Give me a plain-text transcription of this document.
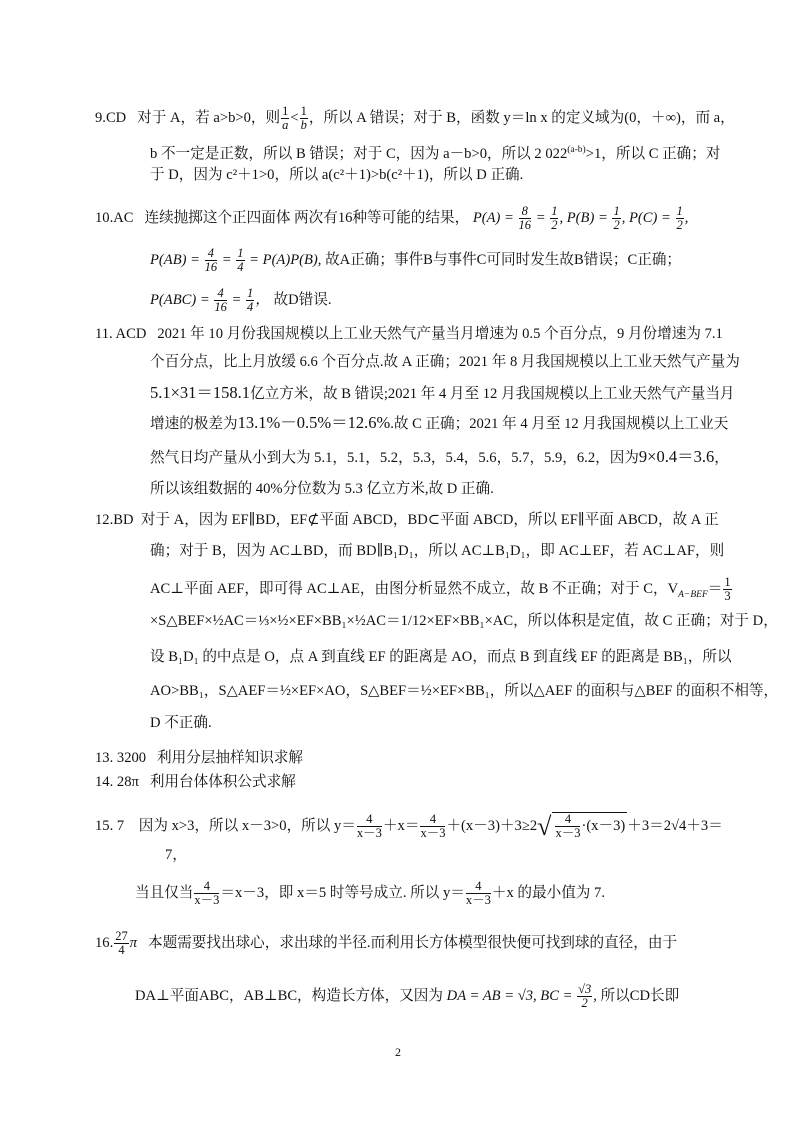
9.CD 对于 A，若 a>b>0，则 $\frac{1}{a} < \frac{1}{b}$ ，所以 A 错误；对于 B，函数 y＝ln x 的定义域为(0，＋∞)，而 a，
b 不一定是正数，所以 B 错误；对于 C，因为 a－b>0，所以 2 $022^{(a-b)}>1$，所以 C 正确；对
于 D，因为 c²＋1>0，所以 a(c²＋1)>b(c²＋1)，所以 D 正确.
10.AC 连续抛掷这个正四面体 两次有16种等可能的结果， $P(A) = \frac{8}{16} = \frac{1}{2}$ , $P(B) = \frac{1}{2}$ , $P(C) = \frac{1}{2}$ ,
$P(AB) = \frac{4}{16} = \frac{1}{4} = P(A)P(B)$, 故A正确；事件B与事件C可同时发生故B错误；C正确；
$P(ABC) = \frac{4}{16} = \frac{1}{4}$ ， 故D错误.
11. ACD 2021 年 10 月份我国规模以上工业天然气产量当月增速为 0.5 个百分点，9 月份增速为 7.1
个百分点，比上月放缓 6.6 个百分点.故 A 正确；2021 年 8 月我国规模以上工业天然气产量为
5.1×31＝158.1亿立方米，故 B 错误;2021 年 4 月至 12 月我国规模以上工业天然气产量当月
增速的极差为13.1%－0.5%＝12.6%.故 C 正确；2021 年 4 月至 12 月我国规模以上工业天
然气日均产量从小到大为 5.1，5.1，5.2，5.3，5.4，5.6，5.7，5.9，6.2，因为9×0.4＝3.6，
所以该组数据的 40%分位数为 5.3 亿立方米,故 D 正确.
12.BD 对于 A，因为 EF∥BD，EF⊄平面 ABCD，BD⊂平面 ABCD，所以 EF∥平面 ABCD，故 A 正
确；对于 B，因为 AC⊥BD，而 BD∥B₁D₁，所以 AC⊥B₁D₁，即 AC⊥EF，若 AC⊥AF，则
AC⊥平面 AEF，即可得 AC⊥AE，由图分析显然不成立，故 B 不正确；对于 C，$V_{A-BEF}= \frac{1}{3}$
×S△BEF×½AC＝⅓×½×EF×BB₁×½AC＝1/12×EF×BB₁×AC，所以体积是定值，故 C 正确；对于 D，
设 B₁D₁ 的中点是 O，点 A 到直线 EF 的距离是 AO，而点 B 到直线 EF 的距离是 BB₁，所以
AO>BB₁，S△AEF＝½×EF×AO，S△BEF＝½×EF×BB₁，所以△AEF 的面积与△BEF 的面积不相等，
D 不正确.
13. 3200 利用分层抽样知识求解
14. 28π 利用台体体积公式求解
15. 7 因为 x>3，所以 x－3>0，所以 $y= \frac{4}{x-3} +x= \frac{4}{x-3} +(x-3)+3\ge 2√ \frac{4}{x-3} \cdot(x-3) +3=2√4+3=$
7，
当且仅当 $\frac{4}{x-3} =x-3$，即 x＝5 时等号成立. 所以 $y= \frac{4}{x-3} +x$ 的最小值为 7.
16. $\frac{27}{4}$ π 本题需要找出球心，求出球的半径.而利用长方体模型很快便可找到球的直径，由于
DA⊥平面ABC，AB⊥BC，构造长方体，又因为 DA = AB = √3, BC = $\frac{√3}{2}$ , 所以CD长即
2
